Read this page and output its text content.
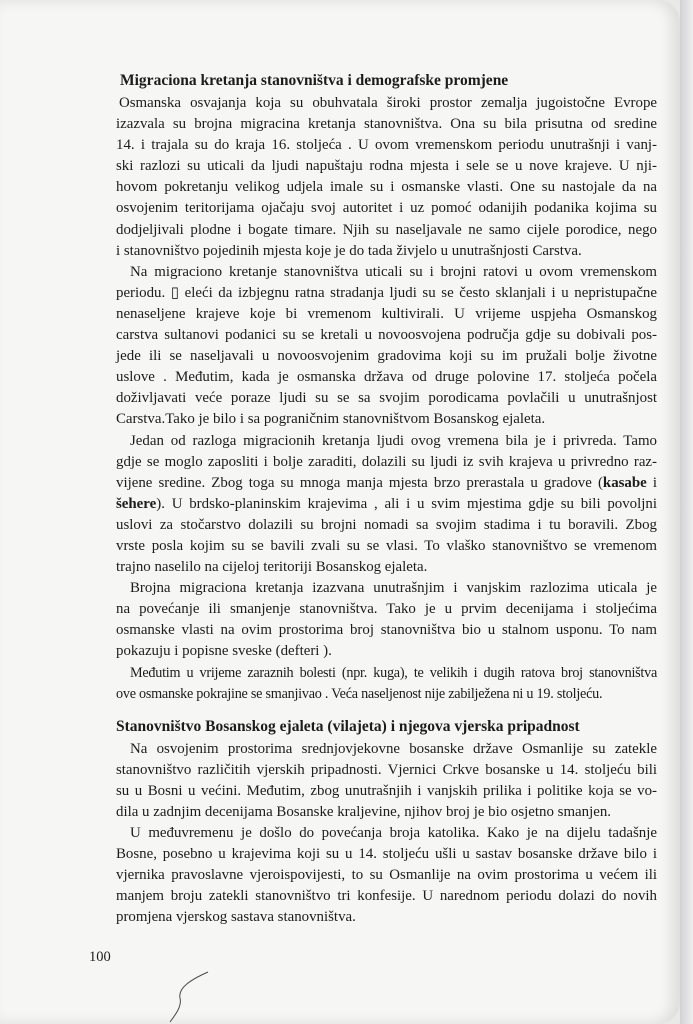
Migraciona kretanja stanovništva i demografske promjene

Osmanska osvajanja koja su obuhvatala široki prostor zemalja jugoistočne Evrope
izazvala su brojna migracina kretanja stanovništva. Ona su bila prisutna od sredine
14. i trajala su do kraja 16. stoljeća . U ovom vremenskom periodu unutrašnji i vanj-
ski razlozi su uticali da ljudi napuštaju rodna mjesta i sele se u nove krajeve. U nji-
hovom pokretanju velikog udjela imale su i osmanske vlasti. One su nastojale da na
osvojenim teritorijama ojačaju svoj autoritet i uz pomoć odanijih podanika kojima su
dodjeljivali plodne i bogate timare. Njih su naseljavale ne samo cijele porodice, nego
i stanovništvo pojedinih mjesta koje je do tada živjelo u unutrašnjosti Carstva.

Na migraciono kretanje stanovništva uticali su i brojni ratovi u ovom vremenskom
periodu. ▯ eleći da izbjegnu ratna stradanja ljudi su se često sklanjali i u nepristupačne
nenaseljene krajeve koje bi vremenom kultivirali. U vrijeme uspjeha Osmanskog
carstva sultanovi podanici su se kretali u novoosvojena područja gdje su dobivali pos-
jede ili se naseljavali u novoosvojenim gradovima koji su im pružali bolje životne
uslove . Međutim, kada je osmanska država od druge polovine 17. stoljeća počela
doživljavati veće poraze ljudi su se sa svojim porodicama povlačili u unutrašnjost
Carstva.Tako je bilo i sa pograničnim stanovništvom Bosanskog ejaleta.

Jedan od razloga migracionih kretanja ljudi ovog vremena bila je i privreda. Tamo
gdje se moglo zaposliti i bolje zaraditi, dolazili su ljudi iz svih krajeva u privredno raz-
vijene sredine. Zbog toga su mnoga manja mjesta brzo prerastala u gradove (kasabe i
šehere). U brdsko-planinskim krajevima , ali i u svim mjestima gdje su bili povoljni
uslovi za stočarstvo dolazili su brojni nomadi sa svojim stadima i tu boravili. Zbog
vrste posla kojim su se bavili zvali su se vlasi. To vlaško stanovništvo se vremenom
trajno naselilo na cijeloj teritoriji Bosanskog ejaleta.

Brojna migraciona kretanja izazvana unutrašnjim i vanjskim razlozima uticala je
na povećanje ili smanjenje stanovništva. Tako je u prvim decenijama i stoljećima
osmanske vlasti na ovim prostorima broj stanovništva bio u stalnom usponu. To nam
pokazuju i popisne sveske (defteri ).

Međutim u vrijeme zaraznih bolesti (npr. kuga), te velikih i dugih ratova broj stanovništva
ove osmanske pokrajine se smanjivao . Veća naseljenost nije zabilježena ni u 19. stoljeću.

Stanovništvo Bosanskog ejaleta (vilajeta) i njegova vjerska pripadnost

Na osvojenim prostorima srednjovjekovne bosanske države Osmanlije su zatekle
stanovništvo različitih vjerskih pripadnosti. Vjernici Crkve bosanske u 14. stoljeću bili
su u Bosni u većini. Međutim, zbog unutrašnjih i vanjskih prilika i politike koja se vo-
dila u zadnjim decenijama Bosanske kraljevine, njihov broj je bio osjetno smanjen.

U međuvremenu je došlo do povećanja broja katolika. Kako je na dijelu tadašnje
Bosne, posebno u krajevima koji su u 14. stoljeću ušli u sastav bosanske države bilo i
vjernika pravoslavne vjeroispovijesti, to su Osmanlije na ovim prostorima u većem ili
manjem broju zatekli stanovništvo tri konfesije. U narednom periodu dolazi do novih
promjena vjerskog sastava stanovništva.

100
